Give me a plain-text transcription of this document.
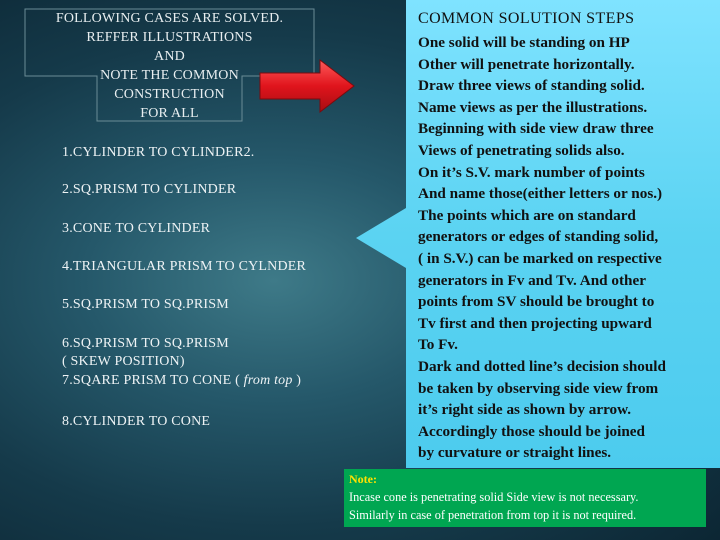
FOLLOWING CASES ARE SOLVED.
REFFER ILLUSTRATIONS
AND
NOTE THE COMMON
CONSTRUCTION
FOR ALL
1.CYLINDER TO CYLINDER2.
2.SQ.PRISM TO CYLINDER
3.CONE TO CYLINDER
4.TRIANGULAR PRISM TO CYLNDER
5.SQ.PRISM TO SQ.PRISM
6.SQ.PRISM TO SQ.PRISM
( SKEW POSITION)
7.SQARE PRISM TO CONE ( from top )
8.CYLINDER TO CONE
COMMON SOLUTION STEPS
One solid will be standing on HP
Other will penetrate horizontally.
Draw three views of standing solid.
Name views as per the illustrations.
Beginning with side view draw three
Views of penetrating solids also.
On it’s S.V. mark number of points
And name those(either letters or nos.)
The points which are on standard
generators or edges of standing solid,
( in S.V.) can be marked on respective
generators in Fv and Tv. And other
points from SV should be brought to
Tv first and then projecting upward
To Fv.
Dark and dotted line’s decision should
be taken by observing side view from
it’s right side as shown by arrow.
Accordingly those should be joined
by curvature or straight lines.
Note:
Incase cone is penetrating solid Side view is not necessary.
Similarly in case of penetration from top it is not required.
